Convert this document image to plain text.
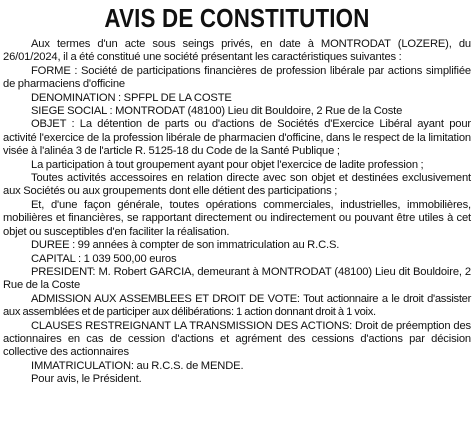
AVIS DE CONSTITUTION

Aux termes d'un acte sous seings privés, en date à MONTRODAT (LOZERE), du 26/01/2024, il a été constitué une société présentant les caractéristiques suivantes :

FORME : Société de participations financières de profession libérale par actions simplifiée de pharmaciens d'officine

DENOMINATION : SPFPL DE LA COSTE

SIEGE SOCIAL : MONTRODAT (48100) Lieu dit Bouldoire, 2 Rue de la Coste

OBJET : La détention de parts ou d'actions de Sociétés d'Exercice Libéral ayant pour activité l'exercice de la profession libérale de pharmacien d'officine, dans le respect de la limitation visée à l'alinéa 3 de l'article R. 5125-18 du Code de la Santé Publique ;

La participation à tout groupement ayant pour objet l'exercice de ladite profession ;

Toutes activités accessoires en relation directe avec son objet et destinées exclusivement aux Sociétés ou aux groupements dont elle détient des participations ;

Et, d'une façon générale, toutes opérations commerciales, industrielles, immobilières, mobilières et financières, se rapportant directement ou indirectement ou pouvant être utiles à cet objet ou susceptibles d'en faciliter la réalisation.

DUREE : 99 années à compter de son immatriculation au R.C.S.

CAPITAL : 1 039 500,00 euros

PRESIDENT: M. Robert GARCIA, demeurant à MONTRODAT (48100) Lieu dit Bouldoire, 2 Rue de la Coste

ADMISSION AUX ASSEMBLEES ET DROIT DE VOTE: Tout actionnaire a le droit d'assister aux assemblées et de participer aux délibérations: 1 action donnant droit à 1 voix.

CLAUSES RESTREIGNANT LA TRANSMISSION DES ACTIONS: Droit de préemption des actionnaires en cas de cession d'actions et agrément des cessions d'actions par décision collective des actionnaires

IMMATRICULATION: au R.C.S. de MENDE.

Pour avis, le Président.
